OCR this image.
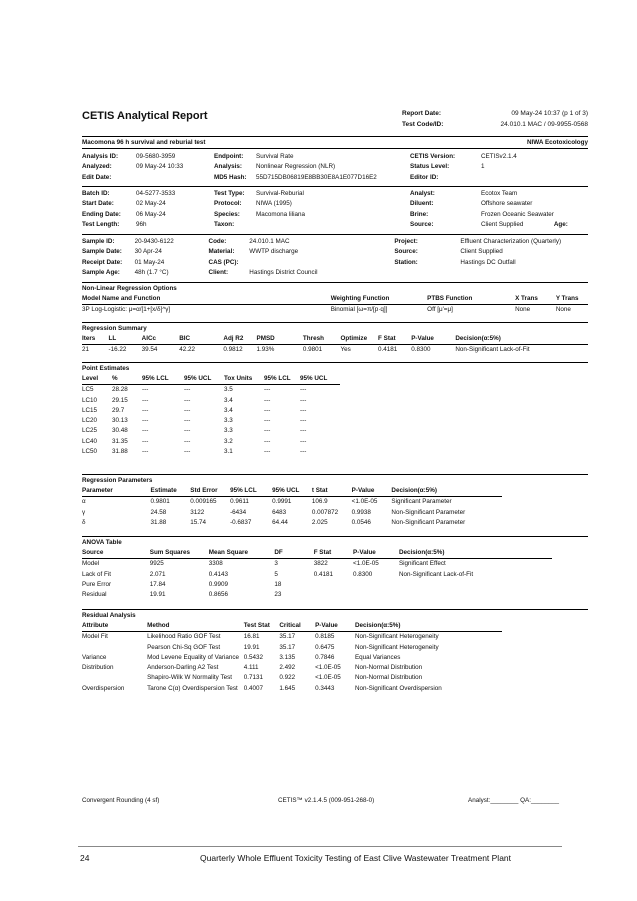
CETIS Analytical Report	Report Date:	09 May-24 10:37 (p 1 of 3)
Test Code/ID:	24.010.1 MAC / 09-9955-0568
Macomona 96 h survival and reburial test	NIWA Ecotoxicology
Analysis ID:	09-5680-3959	Endpoint:	Survival Rate	CETIS Version:	CETISv2.1.4	
Analyzed:	09 May-24 10:33	Analysis:	Nonlinear Regression (NLR)	Status Level:	1	
Edit Date:		MD5 Hash:	55D715DB06819E8BB30E8A1E077D16E2	Editor ID:		
Batch ID:	04-5277-3533	Test Type:	Survival-Reburial	Analyst:	Ecotox Team	
Start Date:	02 May-24	Protocol:	NIWA (1995)	Diluent:	Offshore seawater	
Ending Date:	06 May-24	Species:	Macomona liliana	Brine:	Frozen Oceanic Seawater	
Test Length:	96h	Taxon:		Source:	Client Supplied	Age:
Sample ID:	20-9430-6122	Code:	24.010.1 MAC	Project:	Effluent Characterization (Quarterly)	
Sample Date:	30 Apr-24	Material:	WWTP discharge	Source:	Client Supplied	
Receipt Date:	01 May-24	CAS (PC):		Station:	Hastings DC Outfall	
Sample Age:	48h (1.7 °C)	Client:	Hastings District Council			
Non-Linear Regression Options
Model Name and Function	Weighting Function	PTBS Function	X Trans	Y Trans
3P Log-Logistic: μ=α/[1+[x/δ]^γ]	Binomial [ω=π/[p·q]]	Off [μ'=μ]	None	None
Regression Summary
Iters	LL	AICc	BIC	Adj R2	PMSD	Thresh	Optimize	F Stat	P-Value	Decision(α:5%)
21	-16.22	39.54	42.22	0.9812	1.93%	0.9801	Yes	0.4181	0.8300	Non-Significant Lack-of-Fit
Point Estimates
Level	%	95% LCL	95% UCL	Tox Units	95% LCL	95% UCL
LC5	28.28	---	---	3.5	---	---
LC10	29.15	---	---	3.4	---	---
LC15	29.7	---	---	3.4	---	---
LC20	30.13	---	---	3.3	---	---
LC25	30.48	---	---	3.3	---	---
LC40	31.35	---	---	3.2	---	---
LC50	31.88	---	---	3.1	---	---
Regression Parameters
Parameter	Estimate	Std Error	95% LCL	95% UCL	t Stat	P-Value	Decision(α:5%)
α	0.9801	0.009165	0.9611	0.9991	106.9	<1.0E-05	Significant Parameter
γ	24.58	3122	-6434	6483	0.007872	0.9938	Non-Significant Parameter
δ	31.88	15.74	-0.6837	64.44	2.025	0.0546	Non-Significant Parameter
ANOVA Table
Source	Sum Squares	Mean Square	DF	F Stat	P-Value	Decision(α:5%)
Model	9925	3308	3	3822	<1.0E-05	Significant Effect
Lack of Fit	2.071	0.4143	5	0.4181	0.8300	Non-Significant Lack-of-Fit
Pure Error	17.84	0.9909	18			
Residual	19.91	0.8656	23			
Residual Analysis
Attribute	Method	Test Stat	Critical	P-Value	Decision(α:5%)
Model Fit	Likelihood Ratio GOF Test	16.81	35.17	0.8185	Non-Significant Heterogeneity
	Pearson Chi-Sq GOF Test	19.91	35.17	0.6475	Non-Significant Heterogeneity
Variance	Mod Levene Equality of Variance	0.5432	3.135	0.7846	Equal Variances
Distribution	Anderson-Darling A2 Test	4.111	2.492	<1.0E-05	Non-Normal Distribution
	Shapiro-Wilk W Normality Test	0.7131	0.922	<1.0E-05	Non-Normal Distribution
Overdispersion	Tarone C(α) Overdispersion Test	0.4007	1.645	0.3443	Non-Significant Overdispersion
Convergent Rounding (4 sf)	CETIS™ v2.1.4.5 (009-951-268-0)	Analyst:________ QA:________
24	Quarterly Whole Effluent Toxicity Testing of East Clive Wastewater Treatment Plant
